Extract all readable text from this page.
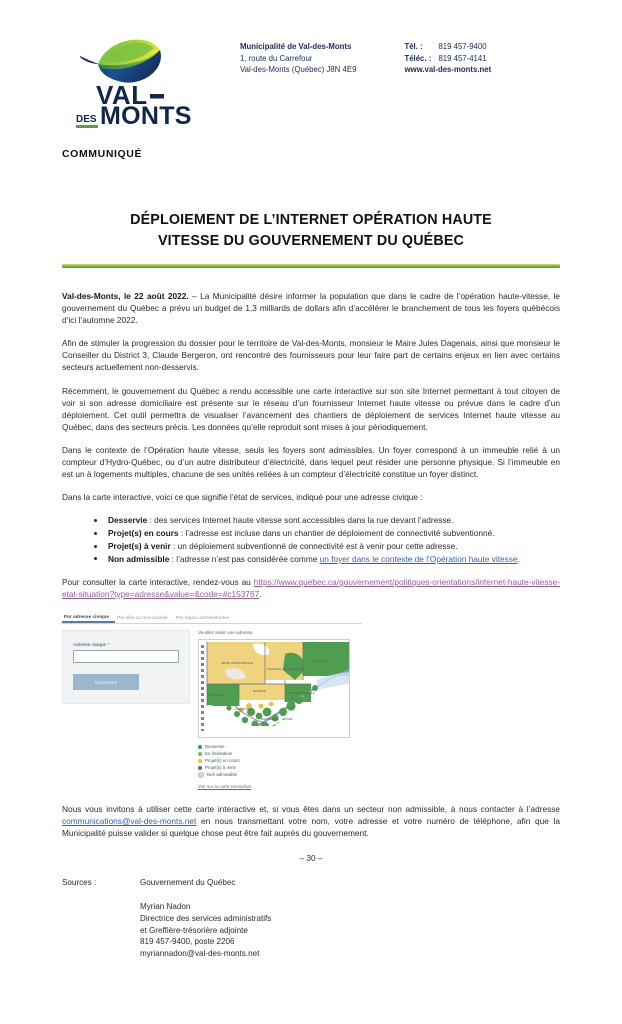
VAL
DES MONTS
Municipalité de Val-des-Monts
1, route du Carrefour
Val-des-Monts (Québec) J8N 4E9
Tél. :	819 457-9400
Téléc. : 819 457-4141
www.val-des-monts.net
COMMUNIQUÉ
DÉPLOIEMENT DE L’INTERNET OPÉRATION HAUTE
VITESSE DU GOUVERNEMENT DU QUÉBEC

Val-des-Monts, le 22 août 2022. – La Municipalité désire informer la population que dans le cadre de l’opération haute-vitesse, le gouvernement du Québec a prévu un budget de 1,3 milliards de dollars afin d’accélérer le branchement de tous les foyers québécois d’ici l’automne 2022.

Afin de stimuler la progression du dossier pour le territoire de Val-des-Monts, monsieur le Maire Jules Dagenais, ainsi que monsieur le Conseiller du District 3, Claude Bergeron, ont rencontré des fournisseurs pour leur faire part de certains enjeux en lien avec certains secteurs actuellement non-desservis.

Récemment, le gouvernement du Québec a rendu accessible une carte interactive sur son site Internet permettant à tout citoyen de voir si son adresse domiciliaire est présente sur le réseau d’un fournisseur Internet haute vitesse ou prévue dans le cadre d’un déploiement. Cet outil permettra de visualiser l’avancement des chantiers de déploiement de services Internet haute vitesse au Québec, dans des secteurs précis. Les données qu’elle reproduit sont mises à jour périodiquement.

Dans le contexte de l’Opération haute vitesse, seuls les foyers sont admissibles. Un foyer correspond à un immeuble relié à un compteur d’Hydro-Québec, ou d’un autre distributeur d’électricité, dans lequel peut résider une personne physique. Si l’immeuble en est un à logements multiples, chacune de ses unités reliées à un compteur d’électricité constitue un foyer distinct.

Dans la carte interactive, voici ce que signifie l’état de services, indiqué pour une adresse civique :

Desservie : des services Internet haute vitesse sont accessibles dans la rue devant l’adresse.
Projet(s) en cours : l’adresse est incluse dans un chantier de déploiement de connectivité subventionné.
Projet(s) à venir : un déploiement subventionné de connectivité est à venir pour cette adresse.
Non admissible : l’adresse n’est pas considérée comme un foyer dans le contexte de l’Opération haute vitesse.

Pour consulter la carte interactive, rendez-vous au https://www.quebec.ca/gouvernement/politiques-orientations/internet-haute-vitesse-etat-situation?type=adresse&value=&code=#c153767.

Par adresse civique	Par ville ou municipalité	Par région administrative
Adresse civique *
Soumettre
Veuillez saisir une adresse.
ABITIBI-TÉMISCAMINGUE
SAGUENAY–LAC-SAINT-JEAN
CÔTE-NORD
MAURICIE
OUTAOUAIS
CAPITALE-NATIONALE
LAURENTIDES
MONTÉRÉGIE ESTRIE
Desservie
En finalisation
Projet(s) en cours
Projet(s) à venir
Non admissible
Voir sur la carte interactive

Nous vous invitons à utiliser cette carte interactive et, si vous êtes dans un secteur non admissible, à nous contacter à l’adresse communications@val-des-monts.net en nous transmettant votre nom, votre adresse et votre numéro de téléphone, afin que la Municipalité puisse valider si quelque chose peut être fait auprès du gouvernement.

– 30 –
Sources :	Gouvernement du Québec
Myrian Nadon
Directrice des services administratifs
et Greffière-trésorière adjointe
819 457-9400, poste 2206
myriannadon@val-des-monts.net
